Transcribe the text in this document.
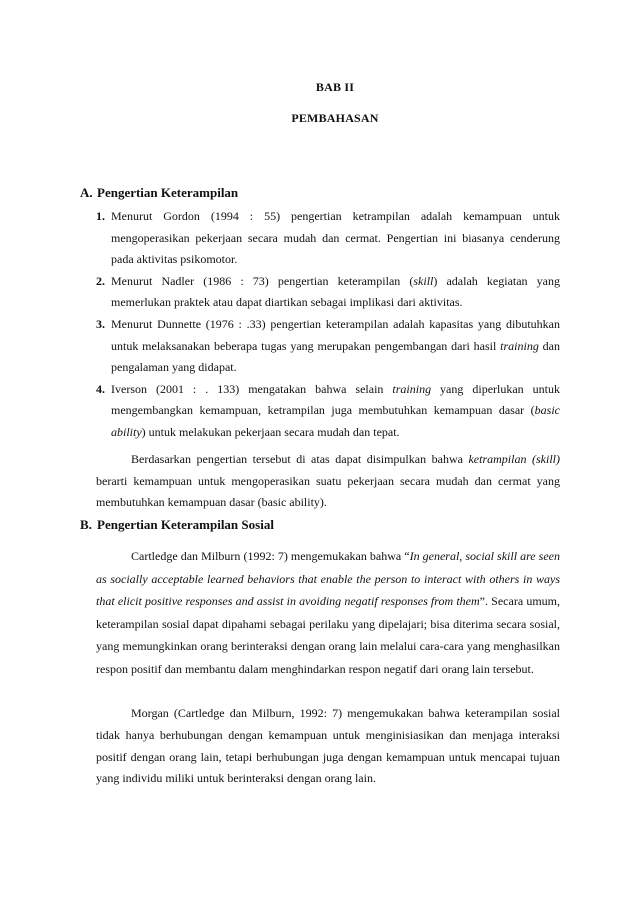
BAB II
PEMBAHASAN
A. Pengertian Keterampilan
1. Menurut Gordon (1994 : 55) pengertian ketrampilan adalah kemampuan untuk mengoperasikan pekerjaan secara mudah dan cermat. Pengertian ini biasanya cenderung pada aktivitas psikomotor.
2. Menurut Nadler (1986 : 73) pengertian keterampilan (skill) adalah kegiatan yang memerlukan praktek atau dapat diartikan sebagai implikasi dari aktivitas.
3. Menurut Dunnette (1976 : .33) pengertian keterampilan adalah kapasitas yang dibutuhkan untuk melaksanakan beberapa tugas yang merupakan pengembangan dari hasil training dan pengalaman yang didapat.
4. Iverson (2001 : . 133) mengatakan bahwa selain training yang diperlukan untuk mengembangkan kemampuan, ketrampilan juga membutuhkan kemampuan dasar (basic ability) untuk melakukan pekerjaan secara mudah dan tepat.

Berdasarkan pengertian tersebut di atas dapat disimpulkan bahwa ketrampilan (skill) berarti kemampuan untuk mengoperasikan suatu pekerjaan secara mudah dan cermat yang membutuhkan kemampuan dasar (basic ability).

B. Pengertian Keterampilan Sosial

Cartledge dan Milburn (1992: 7) mengemukakan bahwa “In general, social skill are seen as socially acceptable learned behaviors that enable the person to interact with others in ways that elicit positive responses and assist in avoiding negatif responses from them”. Secara umum, keterampilan sosial dapat dipahami sebagai perilaku yang dipelajari; bisa diterima secara sosial, yang memungkinkan orang berinteraksi dengan orang lain melalui cara-cara yang menghasilkan respon positif dan membantu dalam menghindarkan respon negatif dari orang lain tersebut.

Morgan (Cartledge dan Milburn, 1992: 7) mengemukakan bahwa keterampilan sosial tidak hanya berhubungan dengan kemampuan untuk menginisiasikan dan menjaga interaksi positif dengan orang lain, tetapi berhubungan juga dengan kemampuan untuk mencapai tujuan yang individu miliki untuk berinteraksi dengan orang lain.
